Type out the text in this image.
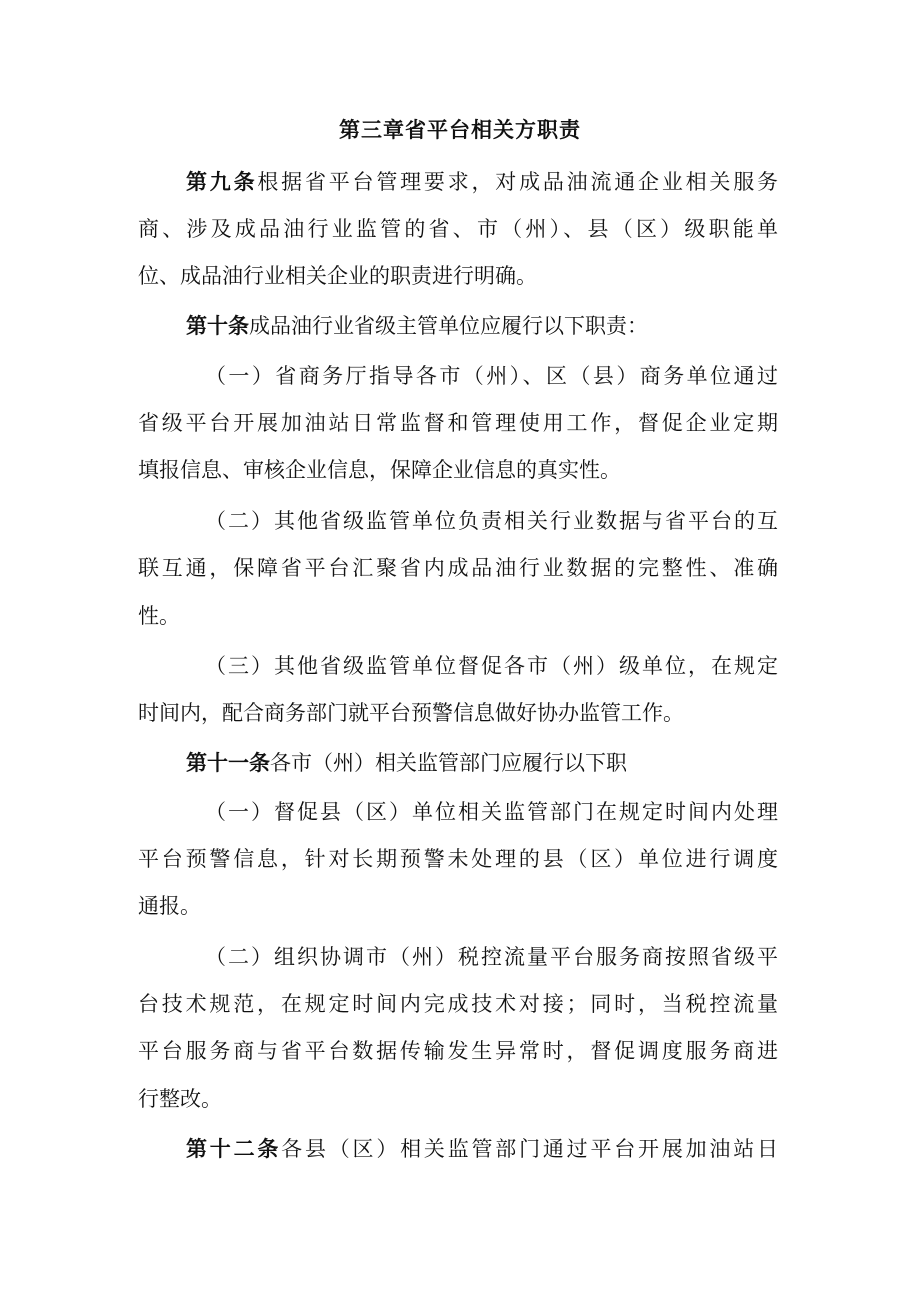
第三章省平台相关方职责
第九条根据省平台管理要求，对成品油流通企业相关服务
商、涉及成品油行业监管的省、市（州）、县（区）级职能单
位、成品油行业相关企业的职责进行明确。
第十条成品油行业省级主管单位应履行以下职责：
（一）省商务厅指导各市（州）、区（县）商务单位通过
省级平台开展加油站日常监督和管理使用工作，督促企业定期
填报信息、审核企业信息，保障企业信息的真实性。
（二）其他省级监管单位负责相关行业数据与省平台的互
联互通，保障省平台汇聚省内成品油行业数据的完整性、准确
性。
（三）其他省级监管单位督促各市（州）级单位，在规定
时间内，配合商务部门就平台预警信息做好协办监管工作。
第十一条各市（州）相关监管部门应履行以下职
（一）督促县（区）单位相关监管部门在规定时间内处理
平台预警信息，针对长期预警未处理的县（区）单位进行调度
通报。
（二）组织协调市（州）税控流量平台服务商按照省级平
台技术规范，在规定时间内完成技术对接；同时，当税控流量
平台服务商与省平台数据传输发生异常时，督促调度服务商进
行整改。
第十二条各县（区）相关监管部门通过平台开展加油站日
